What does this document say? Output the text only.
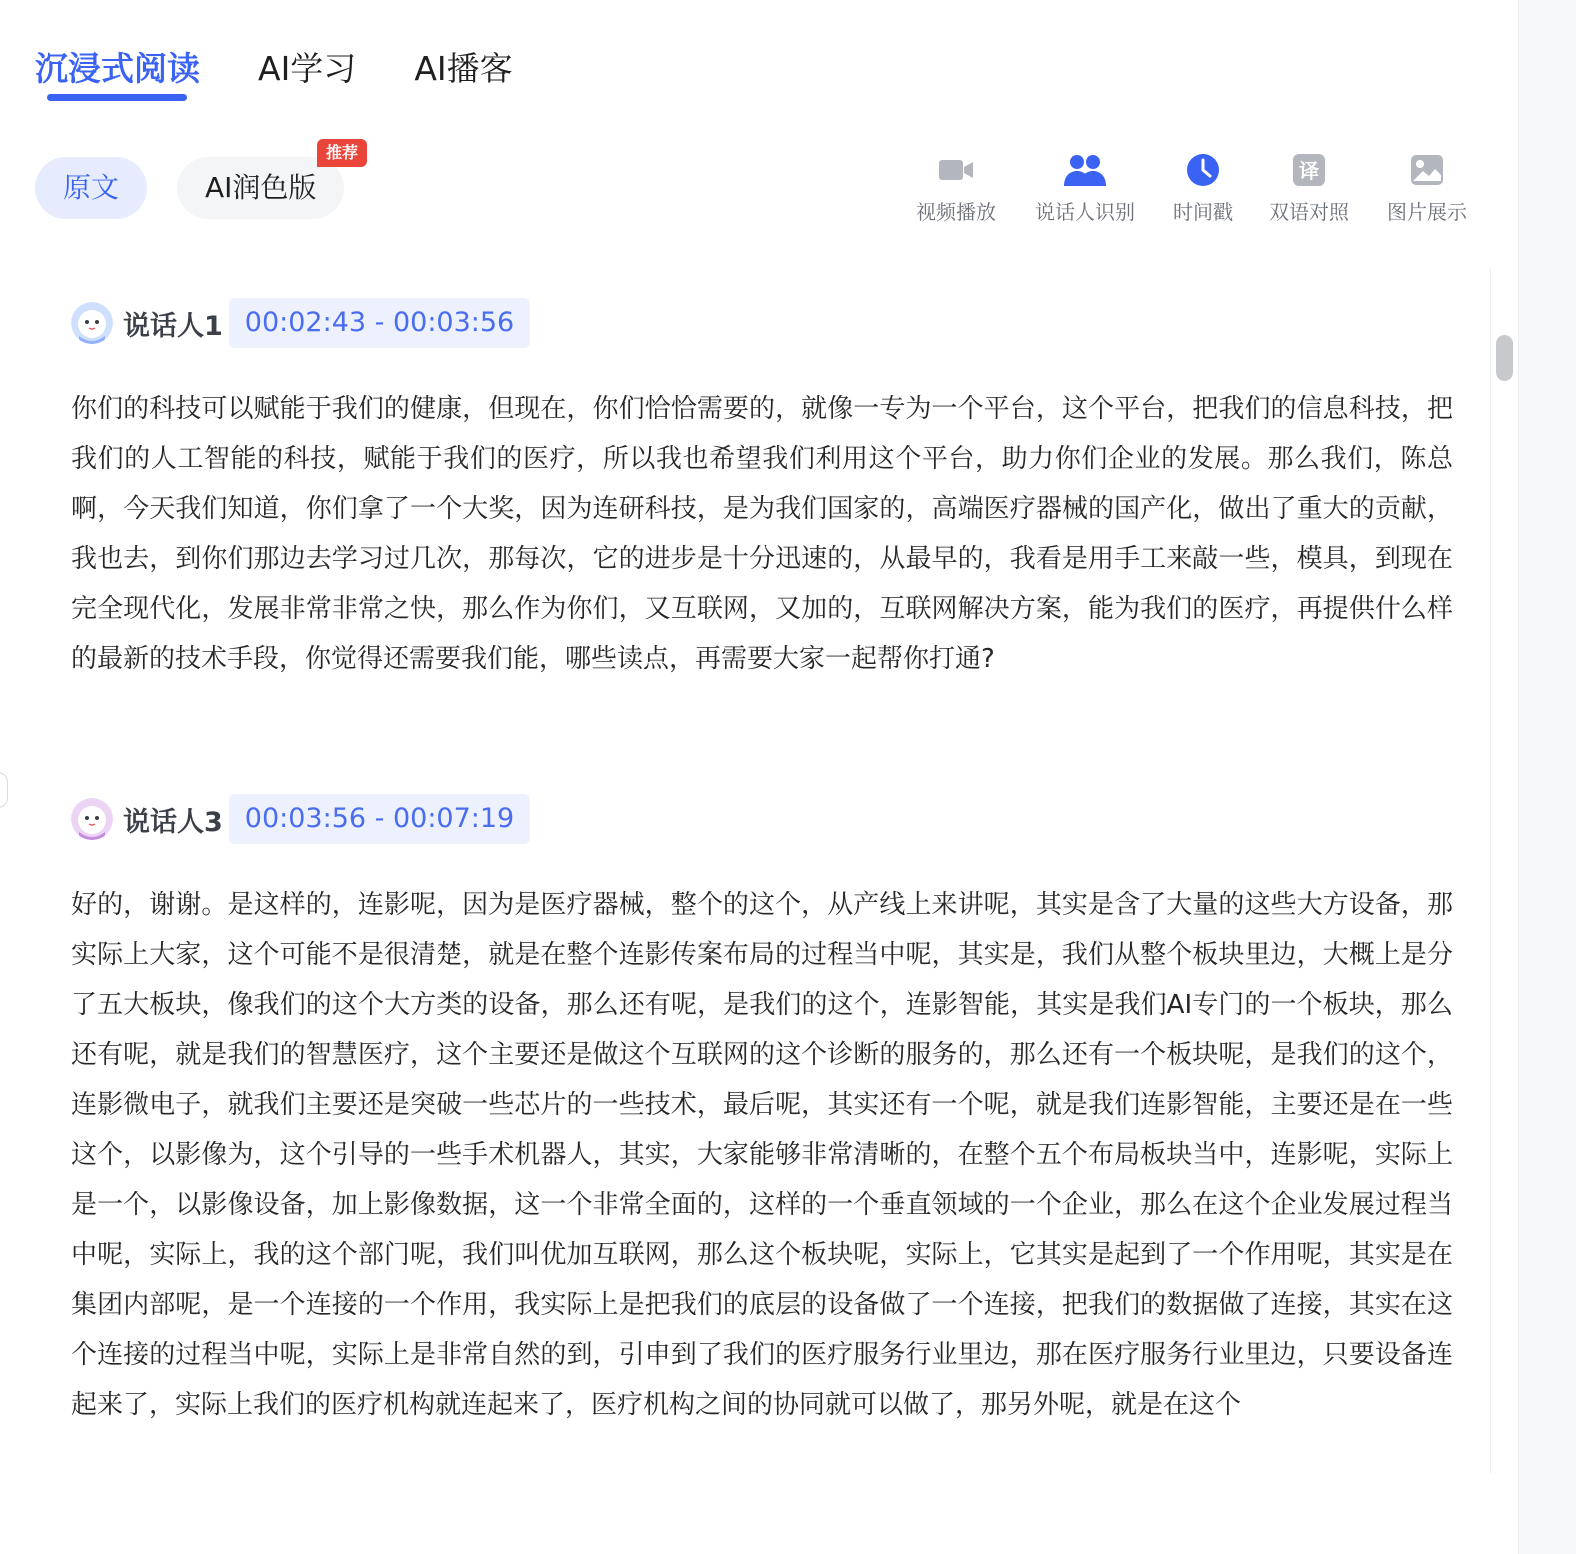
沉浸式阅读 AI学习 AI播客
原文	AI润色版
推荐
视频播放 说话人识别 时间戳
译
双语对照 图片展示
说话人1 00:02:43 - 00:03:56

你们的科技可以赋能于我们的健康，但现在，你们恰恰需要的，就像一专为一个平台，这个平台，把我们的信息科技，把我们的人工智能的科技，赋能于我们的医疗，所以我也希望我们利用这个平台，助力你们企业的发展。那么我们，陈总啊，今天我们知道，你们拿了一个大奖，因为连研科技，是为我们国家的，高端医疗器械的国产化，做出了重大的贡献，我也去，到你们那边去学习过几次，那每次，它的进步是十分迅速的，从最早的，我看是用手工来敲一些，模具，到现在完全现代化，发展非常非常之快，那么作为你们，又互联网，又加的，互联网解决方案，能为我们的医疗，再提供什么样的最新的技术手段，你觉得还需要我们能，哪些读点，再需要大家一起帮你打通?

说话人3 00:03:56 - 00:07:19

好的，谢谢。是这样的，连影呢，因为是医疗器械，整个的这个，从产线上来讲呢，其实是含了大量的这些大方设备，那实际上大家，这个可能不是很清楚，就是在整个连影传案布局的过程当中呢，其实是，我们从整个板块里边，大概上是分了五大板块，像我们的这个大方类的设备，那么还有呢，是我们的这个，连影智能，其实是我们AI专门的一个板块，那么还有呢，就是我们的智慧医疗，这个主要还是做这个互联网的这个诊断的服务的，那么还有一个板块呢，是我们的这个，连影微电子，就我们主要还是突破一些芯片的一些技术，最后呢，其实还有一个呢，就是我们连影智能，主要还是在一些这个，以影像为，这个引导的一些手术机器人，其实，大家能够非常清晰的，在整个五个布局板块当中，连影呢，实际上是一个，以影像设备，加上影像数据，这一个非常全面的，这样的一个垂直领域的一个企业，那么在这个企业发展过程当中呢，实际上，我的这个部门呢，我们叫优加互联网，那么这个板块呢，实际上，它其实是起到了一个作用呢，其实是在集团内部呢，是一个连接的一个作用，我实际上是把我们的底层的设备做了一个连接，把我们的数据做了连接，其实在这个连接的过程当中呢，实际上是非常自然的到，引申到了我们的医疗服务行业里边，那在医疗服务行业里边，只要设备连起来了，实际上我们的医疗机构就连起来了，医疗机构之间的协同就可以做了，那另外呢，就是在这个
